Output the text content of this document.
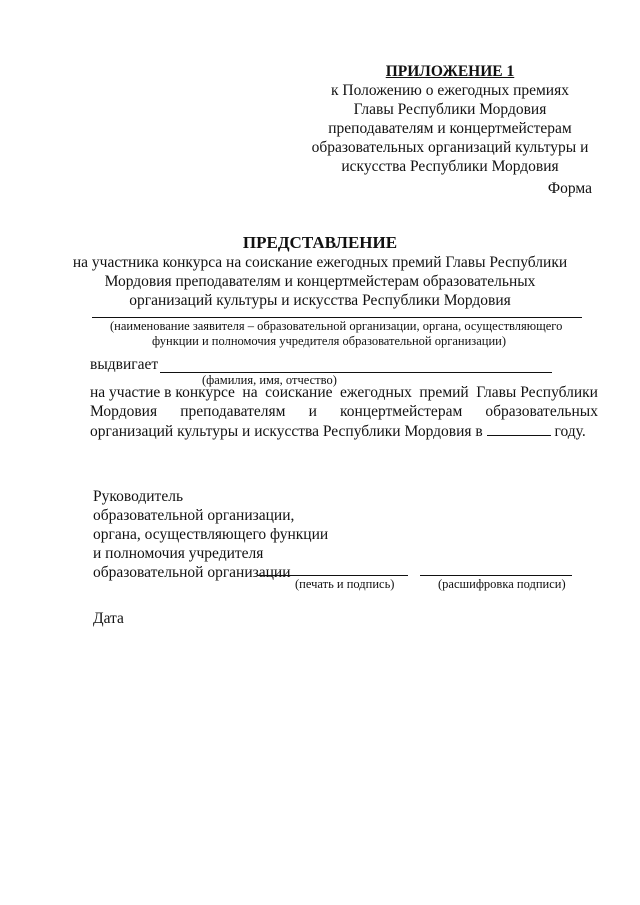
ПРИЛОЖЕНИЕ 1
к Положению о ежегодных премиях
Главы Республики Мордовия
преподавателям и концертмейстерам
образовательных организаций культуры и
искусства Республики Мордовия
Форма
ПРЕДСТАВЛЕНИЕ
на участника конкурса на соискание ежегодных премий Главы Республики
Мордовия преподавателям и концертмейстерам образовательных
организаций культуры и искусства Республики Мордовия
(наименование заявителя – образовательной организации, органа, осуществляющего
функции и полномочия учредителя образовательной организации)
выдвигает
(фамилия, имя, отчество)
на участие в конкурсе на соискание ежегодных премий Главы Республики
Мордовия преподавателям и концертмейстерам образовательных
организаций культуры и искусства Республики Мордовия в	году.
Руководитель
образовательной организации,
органа, осуществляющего функции
и полномочия учредителя
образовательной организации
(печать и подпись)	(расшифровка подписи)
Дата
